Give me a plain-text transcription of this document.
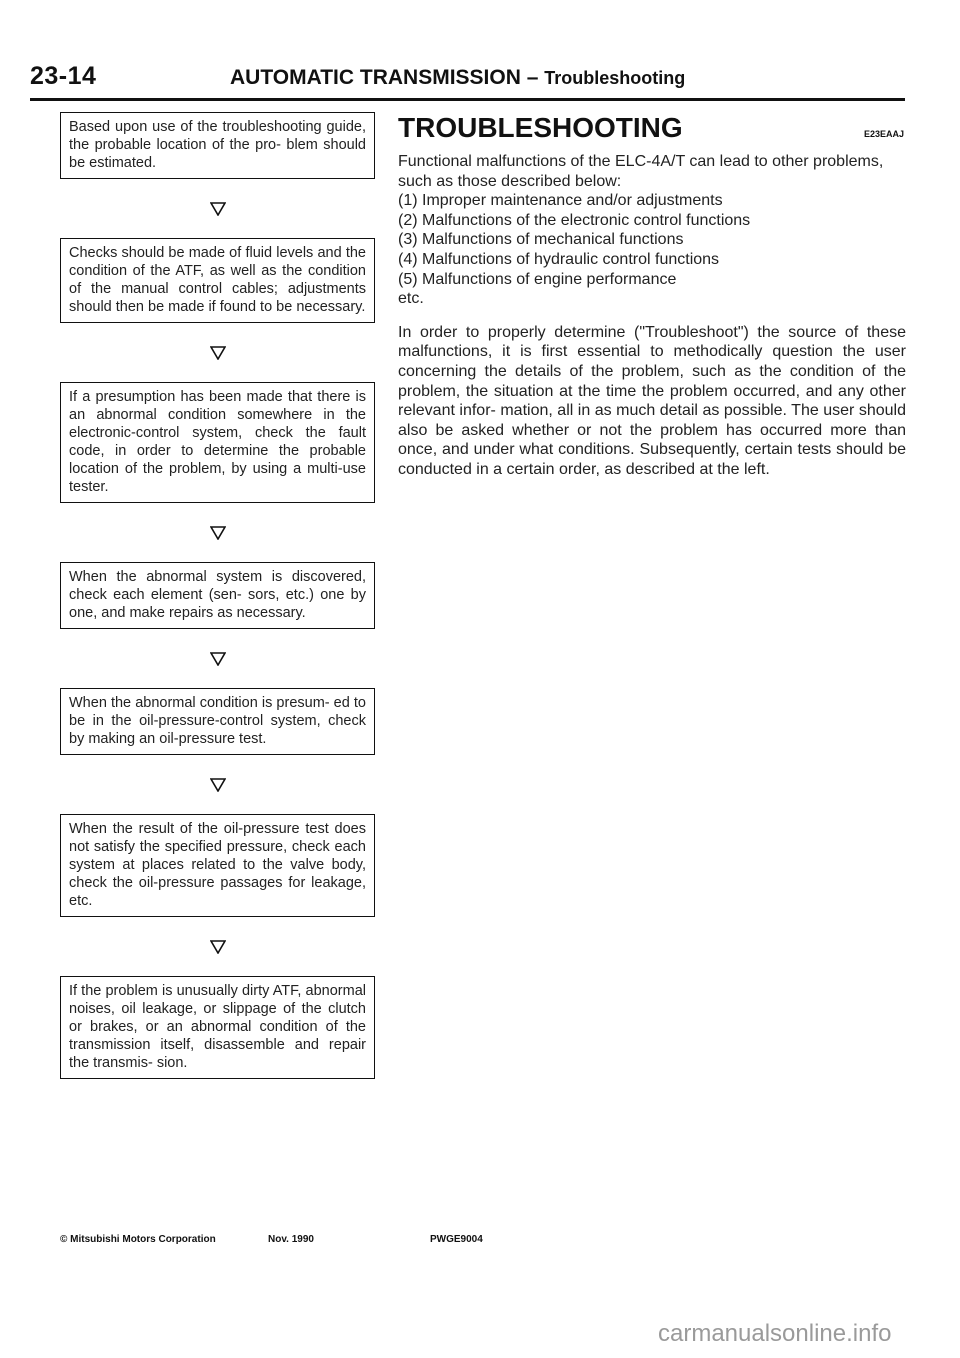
23-14	AUTOMATIC TRANSMISSION – Troubleshooting
Based upon use of the troubleshooting guide, the probable location of the pro- blem should be estimated.
Checks should be made of fluid levels and the condition of the ATF, as well as the condition of the manual control cables; adjustments should then be made if found to be necessary.
If a presumption has been made that there is an abnormal condition somewhere in the electronic-control system, check the fault code, in order to determine the probable location of the problem, by using a multi-use tester.
When the abnormal system is discovered, check each element (sen- sors, etc.) one by one, and make repairs as necessary.
When the abnormal condition is presum- ed to be in the oil-pressure-control system, check by making an oil-pressure test.
When the result of the oil-pressure test does not satisfy the specified pressure, check each system at places related to the valve body, check the oil-pressure passages for leakage, etc.
If the problem is unusually dirty ATF, abnormal noises, oil leakage, or slippage of the clutch or brakes, or an abnormal condition of the transmission itself, disassemble and repair the transmis- sion.
TROUBLESHOOTING	E23EAAJ

Functional malfunctions of the ELC-4A/T can lead to other problems, such as those described below:

(1) Improper maintenance and/or adjustments

(2) Malfunctions of the electronic control functions

(3) Malfunctions of mechanical functions

(4) Malfunctions of hydraulic control functions

(5) Malfunctions of engine performance

etc.

In order to properly determine ("Troubleshoot") the source of these malfunctions, it is first essential to methodically question the user concerning the details of the problem, such as the condition of the problem, the situation at the time the problem occurred, and any other relevant infor- mation, all in as much detail as possible. The user should also be asked whether or not the problem has occurred more than once, and under what conditions. Subsequently, certain tests should be conducted in a certain order, as described at the left.
© Mitsubishi Motors Corporation	Nov. 1990	PWGE9004
carmanualsonline.info
